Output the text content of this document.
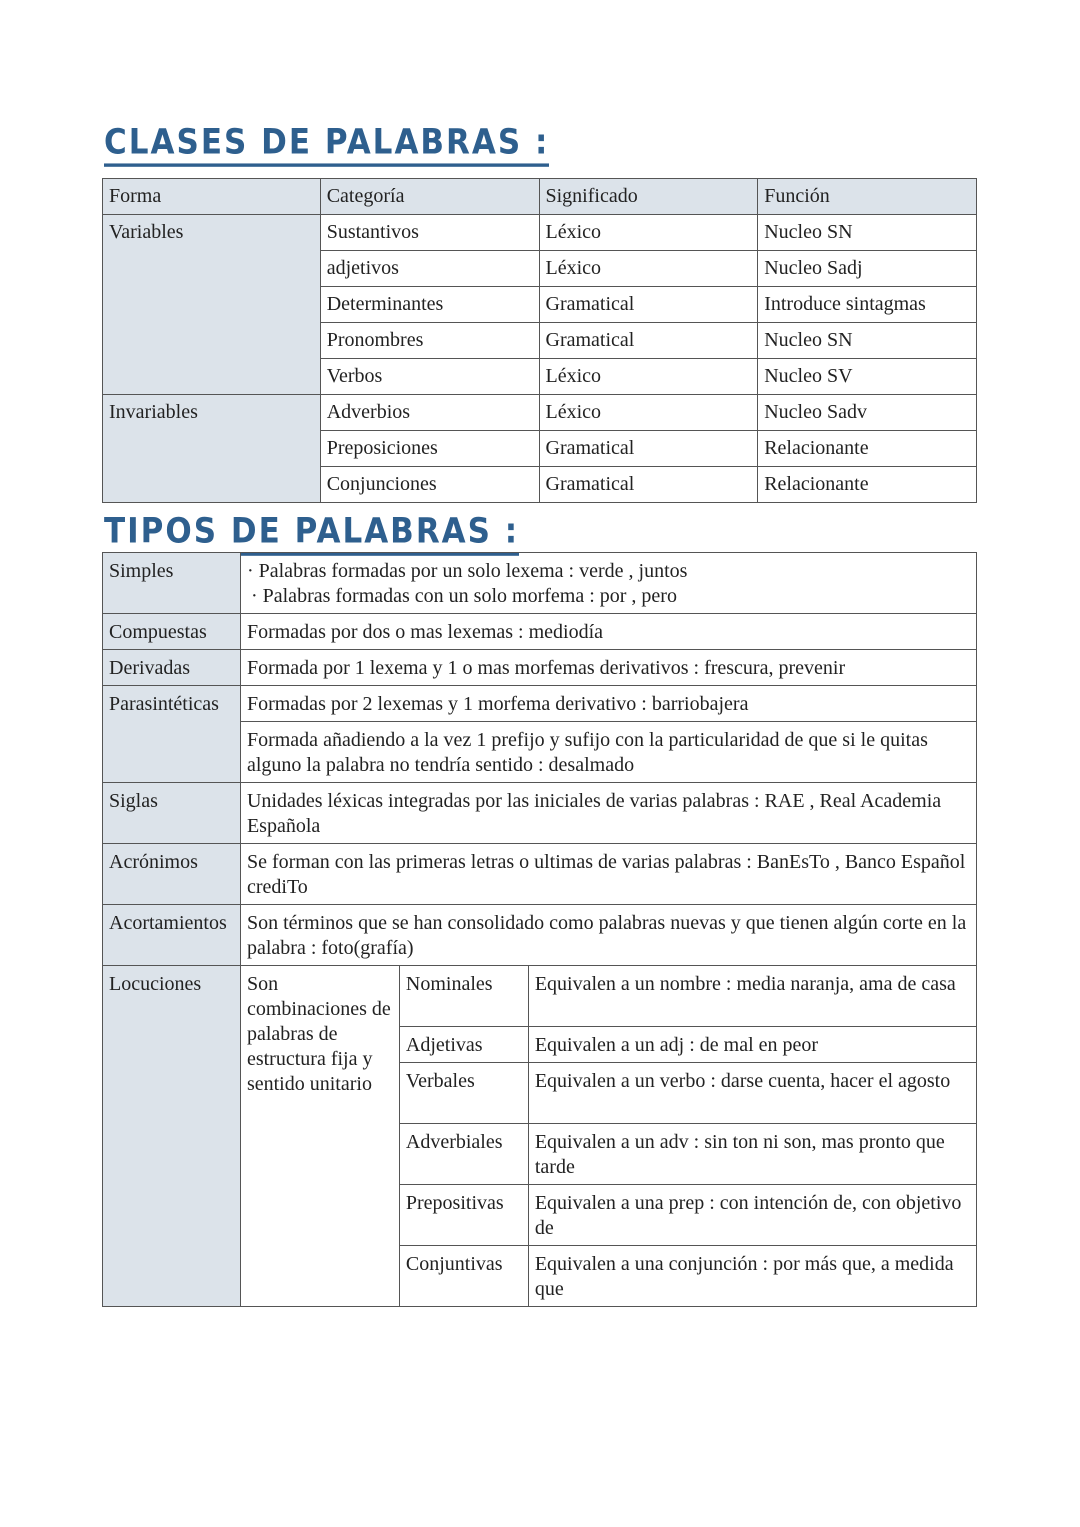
CLASES DE PALABRAS :
Forma	Categoría	Significado	Función
Variables	Sustantivos	Léxico	Nucleo SN
	adjetivos	Léxico	Nucleo Sadj
	Determinantes	Gramatical	Introduce sintagmas
	Pronombres	Gramatical	Nucleo SN
	Verbos	Léxico	Nucleo SV
Invariables	Adverbios	Léxico	Nucleo Sadv
	Preposiciones	Gramatical	Relacionante
	Conjunciones	Gramatical	Relacionante
TIPOS DE PALABRAS :
Simples	· Palabras formadas por un solo lexema : verde , juntos
· Palabras formadas con un solo morfema : por , pero		

Compuestas	Formadas por dos o mas lexemas : mediodía		
Derivadas	Formada por 1 lexema y 1 o mas morfemas derivativos : frescura, prevenir		
Parasintéticas	Formadas por 2 lexemas y 1 morfema derivativo : barriobajera		
	Formada añadiendo a la vez 1 prefijo y sufijo con la particularidad de que si le quitas alguno la palabra no tendría sentido : desalmado		
Siglas	Unidades léxicas integradas por las iniciales de varias palabras : RAE , Real Academia Española		
Acrónimos	Se forman con las primeras letras o ultimas de varias palabras : BanEsTo , Banco Español crediTo		
Acortamientos	Son términos que se han consolidado como palabras nuevas y que tienen algún corte en la palabra : foto(grafía)		
Locuciones	Son combinaciones de palabras de estructura fija y sentido unitario	Nominales	Equivalen a un nombre : media naranja, ama de casa
		Adjetivas	Equivalen a un adj : de mal en peor
		Verbales	Equivalen a un verbo : darse cuenta, hacer el agosto
		Adverbiales	Equivalen a un adv : sin ton ni son, mas pronto que tarde
		Prepositivas	Equivalen a una prep : con intención de, con objetivo de
		Conjuntivas	Equivalen a una conjunción : por más que, a medida que
